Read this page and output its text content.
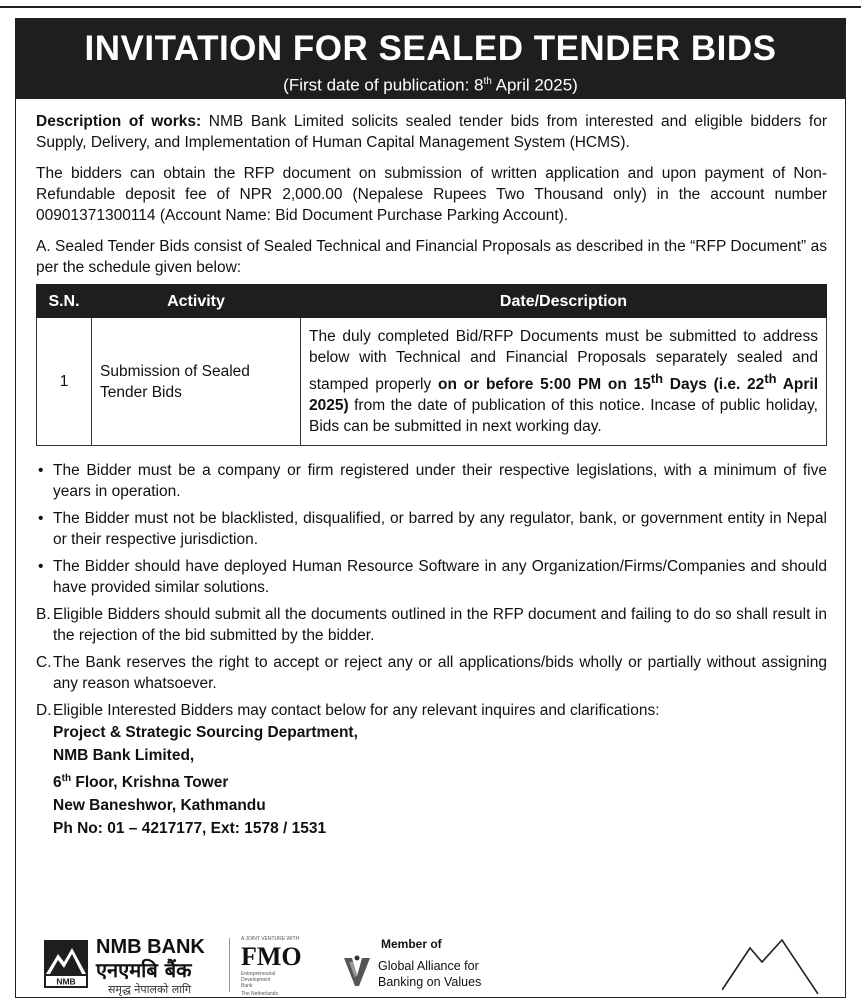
INVITATION FOR SEALED TENDER BIDS
(First date of publication: 8th April 2025)

Description of works: NMB Bank Limited solicits sealed tender bids from interested and eligible bidders for Supply, Delivery, and Implementation of Human Capital Management System (HCMS).

The bidders can obtain the RFP document on submission of written application and upon payment of Non-Refundable deposit fee of NPR 2,000.00 (Nepalese Rupees Two Thousand only) in the account number 00901371300114 (Account Name: Bid Document Purchase Parking Account).

A. Sealed Tender Bids consist of Sealed Technical and Financial Proposals as described in the “RFP Document” as per the schedule given below:

S.N.	Activity	Date/Description
1	Submission of Sealed Tender Bids	The duly completed Bid/RFP Documents must be submitted to address below with Technical and Financial Proposals separately sealed and stamped properly on or before 5:00 PM on 15th Days (i.e. 22th April 2025) from the date of publication of this notice. Incase of public holiday, Bids can be submitted in next working day.
• The Bidder must be a company or firm registered under their respective legislations, with a minimum of five years in operation.
• The Bidder must not be blacklisted, disqualified, or barred by any regulator, bank, or government entity in Nepal or their respective jurisdiction.
• The Bidder should have deployed Human Resource Software in any Organization/Firms/Companies and should have provided similar solutions.
B. Eligible Bidders should submit all the documents outlined in the RFP document and failing to do so shall result in the rejection of the bid submitted by the bidder.
C. The Bank reserves the right to accept or reject any or all applications/bids wholly or partially without assigning any reason whatsoever.
D. Eligible Interested Bidders may contact below for any relevant inquires and clarifications:
Project & Strategic Sourcing Department,
NMB Bank Limited,
6th Floor, Krishna Tower
New Baneshwor, Kathmandu
Ph No: 01 – 4217177, Ext: 1578 / 1531
NMB
NMB BANK
एनएमबि बैंक
समृद्ध नेपालको लागि
A JOINT VENTURE WITH
FMO
Entrepreneurial
Development
Bank
The Netherlands
Member of
Global Alliance for
Banking on Values
